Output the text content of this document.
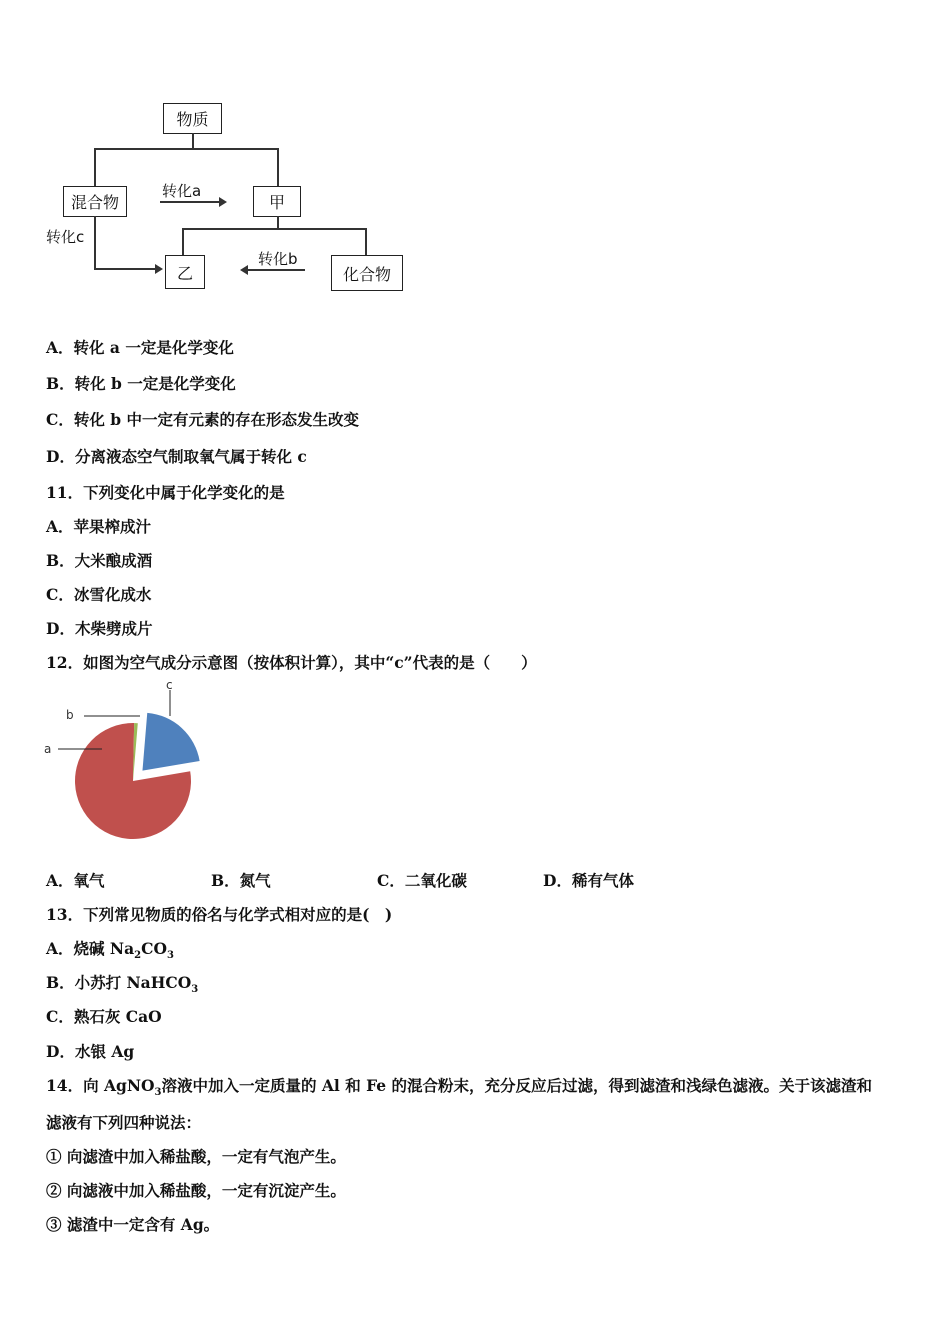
物质
混合物	甲
转化a
转化c
乙	化合物
转化b
A．转化 a 一定是化学变化
B．转化 b 一定是化学变化
C．转化 b 中一定有元素的存在形态发生改变
D．分离液态空气制取氧气属于转化 c
11．下列变化中属于化学变化的是
A．苹果榨成汁
B．大米酿成酒
C．冰雪化成水
D．木柴劈成片
12．如图为空气成分示意图（按体积计算），其中“c”代表的是（　　）
a
b
c
A．氧气	B．氮气	C．二氧化碳	D．稀有气体
13．下列常见物质的俗名与化学式相对应的是(　)
A．烧碱 $Na_2CO_3$
B．小苏打 NaHCO$_3$
C．熟石灰 CaO
D．水银 Ag
14．向 AgNO$_3$溶液中加入一定质量的 Al 和 Fe 的混合粉末，充分反应后过滤，得到滤渣和浅绿色滤液。关于该滤渣和
滤液有下列四种说法：
① 向滤渣中加入稀盐酸，一定有气泡产生。
② 向滤液中加入稀盐酸，一定有沉淀产生。
③ 滤渣中一定含有 Ag。
